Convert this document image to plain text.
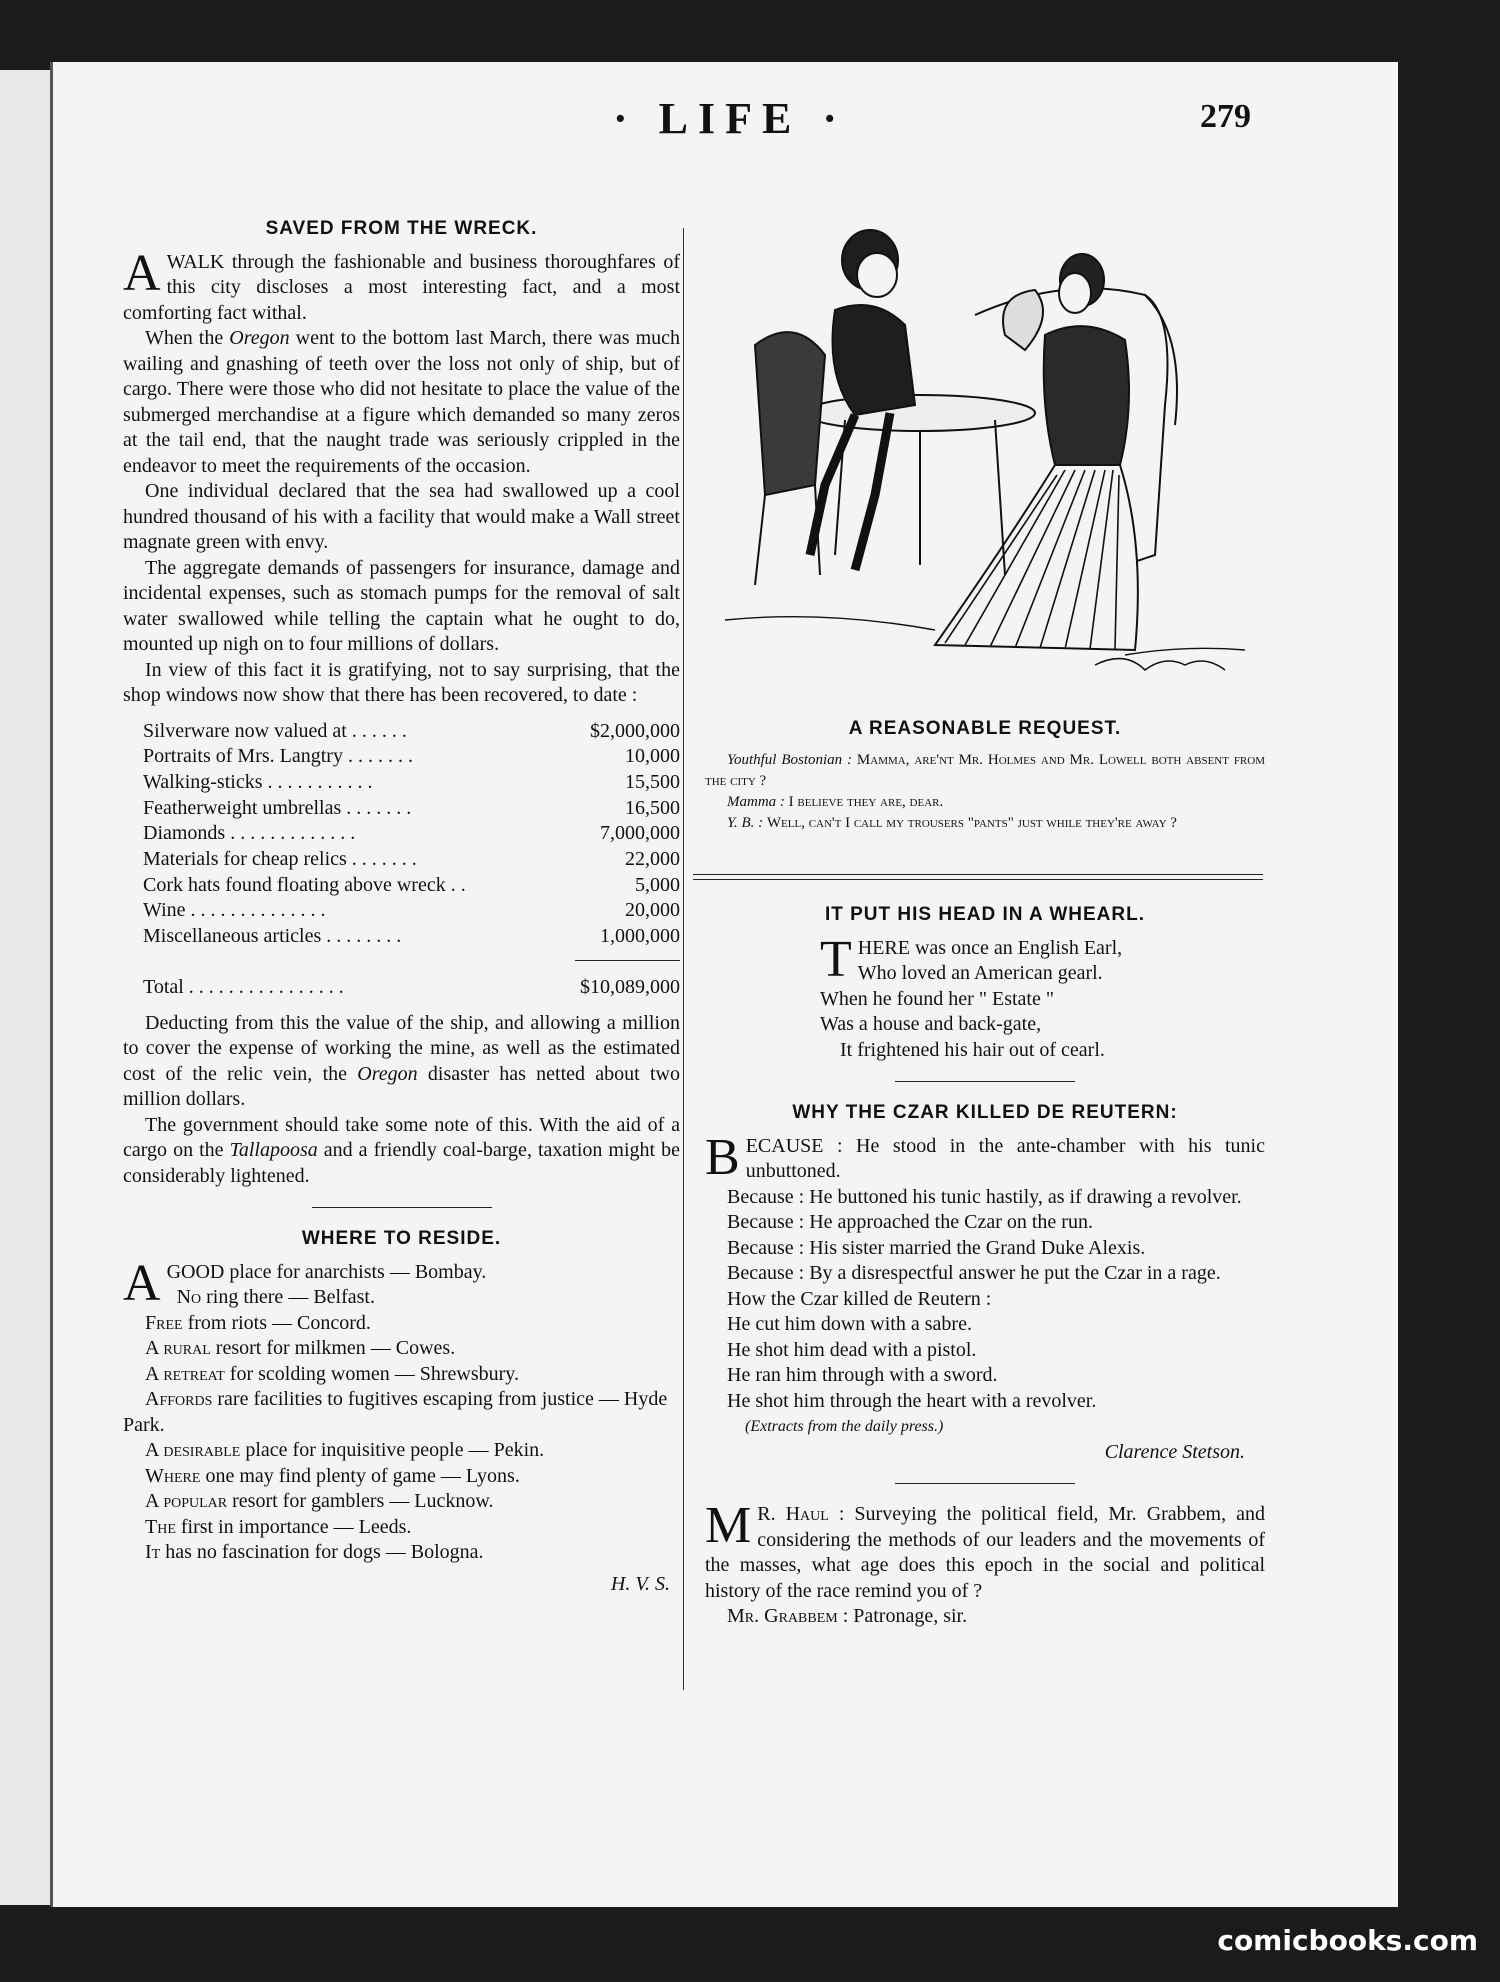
· LIFE ·	279
SAVED FROM THE WRECK.

AWALK through the fashionable and business thoroughfares of this city discloses a most interesting fact, and a most comforting fact withal.

When the Oregon went to the bottom last March, there was much wailing and gnashing of teeth over the loss not only of ship, but of cargo. There were those who did not hesitate to place the value of the submerged merchandise at a figure which demanded so many zeros at the tail end, that the naught trade was seriously crippled in the endeavor to meet the requirements of the occasion.

One individual declared that the sea had swallowed up a cool hundred thousand of his with a facility that would make a Wall street magnate green with envy.

The aggregate demands of passengers for insurance, damage and incidental expenses, such as stomach pumps for the removal of salt water swallowed while telling the captain what he ought to do, mounted up nigh on to four millions of dollars.

In view of this fact it is gratifying, not to say surprising, that the shop windows now show that there has been recovered, to date :

Silverware now valued at . . . . . .	$2,000,000
Portraits of Mrs. Langtry . . . . . . .	10,000
Walking-sticks . . . . . . . . . . .	15,500
Featherweight umbrellas . . . . . . .	16,500
Diamonds . . . . . . . . . . . . .	7,000,000
Materials for cheap relics . . . . . . .	22,000
Cork hats found floating above wreck . .	5,000
Wine . . . . . . . . . . . . . .	20,000
Miscellaneous articles . . . . . . . .	1,000,000
Total . . . . . . . . . . . . . . . .	$10,089,000

Deducting from this the value of the ship, and allowing a million to cover the expense of working the mine, as well as the estimated cost of the relic vein, the Oregon disaster has netted about two million dollars.

The government should take some note of this. With the aid of a cargo on the Tallapoosa and a friendly coal-barge, taxation might be considerably lightened.

WHERE TO RESIDE.

AGOOD place for anarchists — Bombay.
No ring there — Belfast.

Free from riots — Concord.

A rural resort for milkmen — Cowes.

A retreat for scolding women — Shrewsbury.

Affords rare facilities to fugitives escaping from justice — Hyde Park.

A desirable place for inquisitive people — Pekin.

Where one may find plenty of game — Lyons.

A popular resort for gamblers — Lucknow.

The first in importance — Leeds.

It has no fascination for dogs — Bologna.

H. V. S.
A REASONABLE REQUEST.

Youthful Bostonian : Mamma, are'nt Mr. Holmes and Mr. Lowell both absent from the city ?

Mamma : I believe they are, dear.

Y. B. : Well, can't I call my trousers "pants" just while they're away ?

IT PUT HIS HEAD IN A WHEARL.

THERE was once an English Earl,

Who loved an American gearl.

When he found her " Estate "

Was a house and back-gate,

It frightened his hair out of cearl.

WHY THE CZAR KILLED DE REUTERN:

BECAUSE : He stood in the ante-chamber with his tunic unbuttoned.

Because : He buttoned his tunic hastily, as if drawing a revolver.

Because : He approached the Czar on the run.

Because : His sister married the Grand Duke Alexis.

Because : By a disrespectful answer he put the Czar in a rage.

How the Czar killed de Reutern :

He cut him down with a sabre.

He shot him dead with a pistol.

He ran him through with a sword.

He shot him through the heart with a revolver.

(Extracts from the daily press.)

Clarence Stetson.

M R. Haul : Surveying the political field, Mr. Grabbem, and considering the methods of our leaders and the movements of the masses, what age does this epoch in the social and political history of the race remind you of ?

Mr. Grabbem : Patronage, sir.

comicbooks.com
